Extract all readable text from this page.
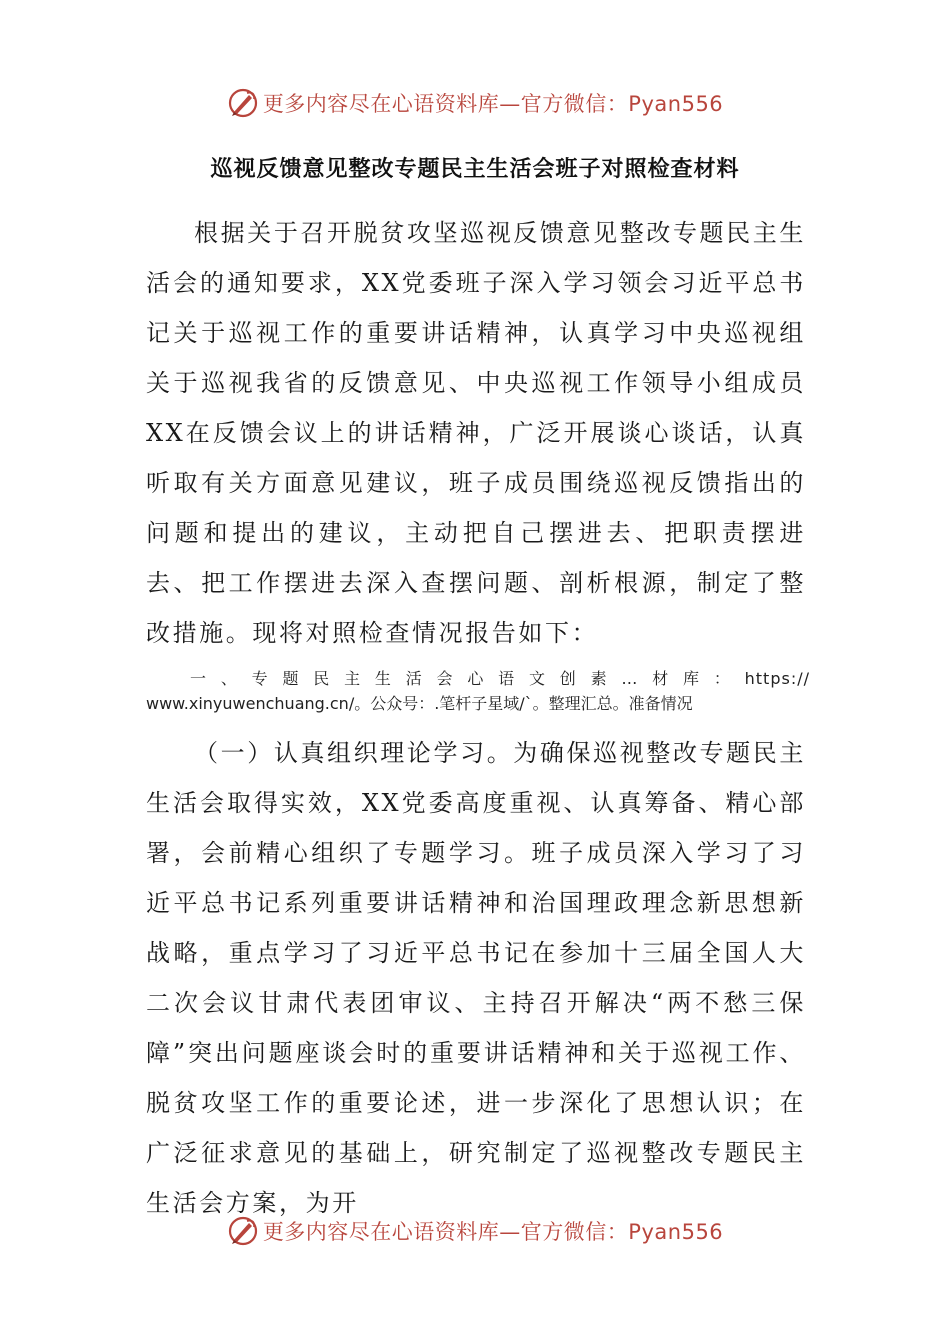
更多内容尽在心语资料库—官方微信：Pyan556
巡视反馈意见整改专题民主生活会班子对照检查材料
根据关于召开脱贫攻坚巡视反馈意见整改专题民主生活会的通知要求，XX党委班子深入学习领会习近平总书记关于巡视工作的重要讲话精神，认真学习中央巡视组关于巡视我省的反馈意见、中央巡视工作领导小组成员XX在反馈会议上的讲话精神，广泛开展谈心谈话，认真听取有关方面意见建议，班子成员围绕巡视反馈指出的问题和提出的建议，主动把自己摆进去、把职责摆进去、把工作摆进去深入查摆问题、剖析根源，制定了整改措施。现将对照检查情况报告如下：
一、专题民主生活会心语文创素…材库：https://
www.xinyuwenchuang.cn/。公众号：.笔杆子星域/`。整理汇总。准备情况
（一）认真组织理论学习。为确保巡视整改专题民主生活会取得实效，XX党委高度重视、认真筹备、精心部署，会前精心组织了专题学习。班子成员深入学习了习近平总书记系列重要讲话精神和治国理政理念新思想新战略，重点学习了习近平总书记在参加十三届全国人大二次会议甘肃代表团审议、主持召开解决“两不愁三保障”突出问题座谈会时的重要讲话精神和关于巡视工作、脱贫攻坚工作的重要论述，进一步深化了思想认识；在广泛征求意见的基础上，研究制定了巡视整改专题民主生活会方案，为开
更多内容尽在心语资料库—官方微信：Pyan556
